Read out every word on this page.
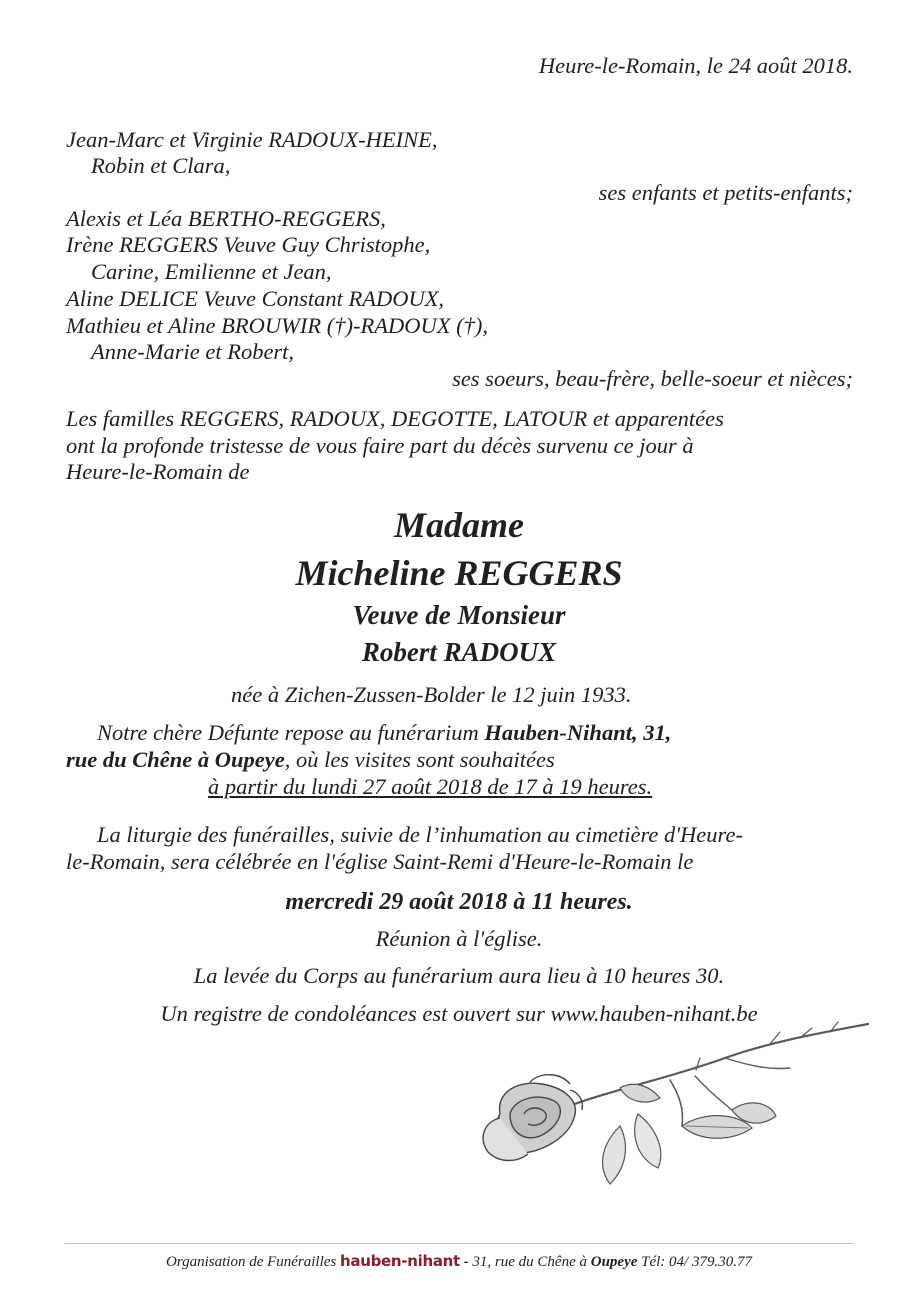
Heure-le-Romain, le 24 août 2018.
Jean-Marc et Virginie RADOUX-HEINE,
Robin et Clara,
ses enfants et petits-enfants;
Alexis et Léa BERTHO-REGGERS,
Irène REGGERS Veuve Guy Christophe,
Carine, Emilienne et Jean,
Aline DELICE Veuve Constant RADOUX,
Mathieu et Aline BROUWIR (†)-RADOUX (†),
Anne-Marie et Robert,
ses soeurs, beau-frère, belle-soeur et nièces;
Les familles REGGERS, RADOUX, DEGOTTE, LATOUR et apparentées
ont la profonde tristesse de vous faire part du décès survenu ce jour à
Heure-le-Romain de
Madame
Micheline REGGERS
Veuve de Monsieur
Robert RADOUX
née à Zichen-Zussen-Bolder le 12 juin 1933.
Notre chère Défunte repose au funérarium Hauben-Nihant, 31,
rue du Chêne à Oupeye, où les visites sont souhaitées
à partir du lundi 27 août 2018 de 17 à 19 heures.
La liturgie des funérailles, suivie de l’inhumation au cimetière d'Heure-
le-Romain, sera célébrée en l'église Saint-Remi d'Heure-le-Romain le
mercredi 29 août 2018 à 11 heures.
Réunion à l'église.
La levée du Corps au funérarium aura lieu à 10 heures 30.
Un registre de condoléances est ouvert sur www.hauben-nihant.be
Organisation de Funérailles hauben-nihant - 31, rue du Chêne à Oupeye Tél: 04/ 379.30.77
